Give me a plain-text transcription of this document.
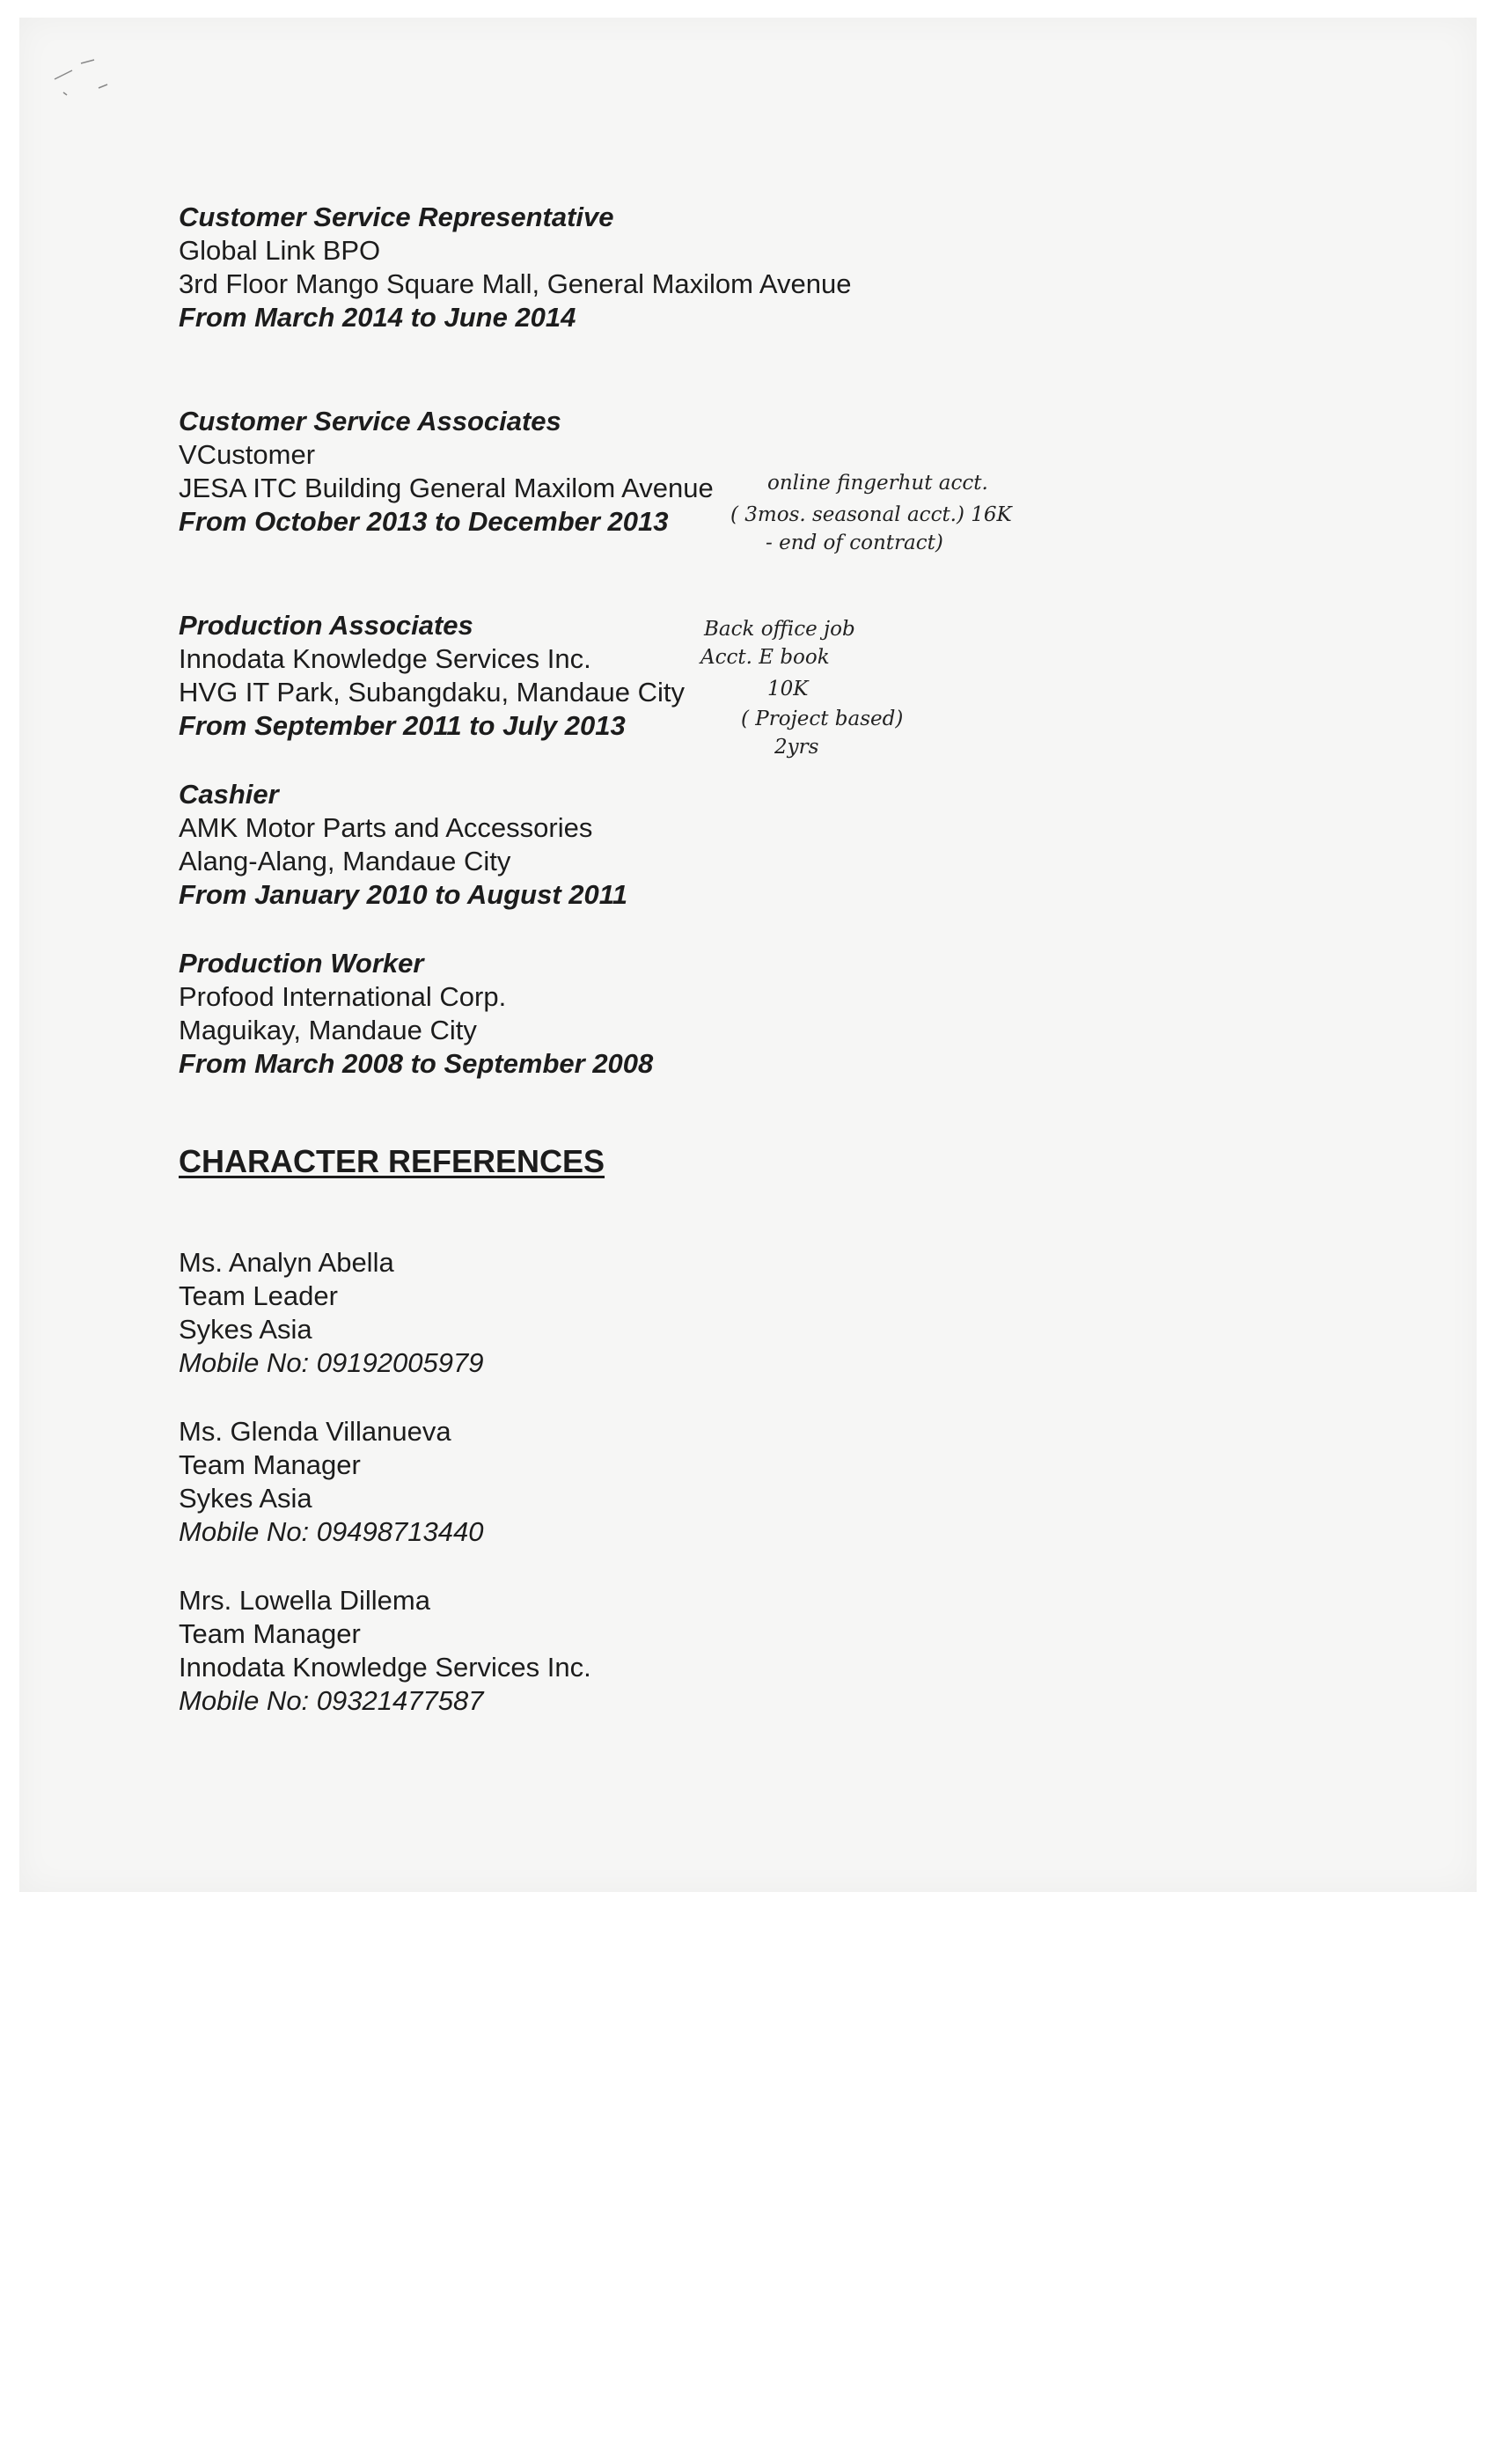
Customer Service Representative

Global Link BPO

3rd Floor Mango Square Mall, General Maxilom Avenue

From March 2014 to June 2014

Customer Service Associates

VCustomer

JESA ITC Building General Maxilom Avenue

From October 2013 to December 2013

Production Associates

Innodata Knowledge Services Inc.

HVG IT Park, Subangdaku, Mandaue City

From September 2011 to July 2013

Cashier

AMK Motor Parts and Accessories

Alang-Alang, Mandaue City

From January 2010 to August 2011

Production Worker

Profood International Corp.

Maguikay, Mandaue City

From March 2008 to September 2008

CHARACTER REFERENCES

Ms. Analyn Abella

Team Leader

Sykes Asia

Mobile No: 09192005979

Ms. Glenda Villanueva

Team Manager

Sykes Asia

Mobile No: 09498713440

Mrs. Lowella Dillema

Team Manager

Innodata Knowledge Services Inc.

Mobile No: 09321477587

online fingerhut acct.
( 3mos. seasonal acct.) 16K
- end of contract)
Back office job
Acct. E book
10K
( Project based)
2yrs
